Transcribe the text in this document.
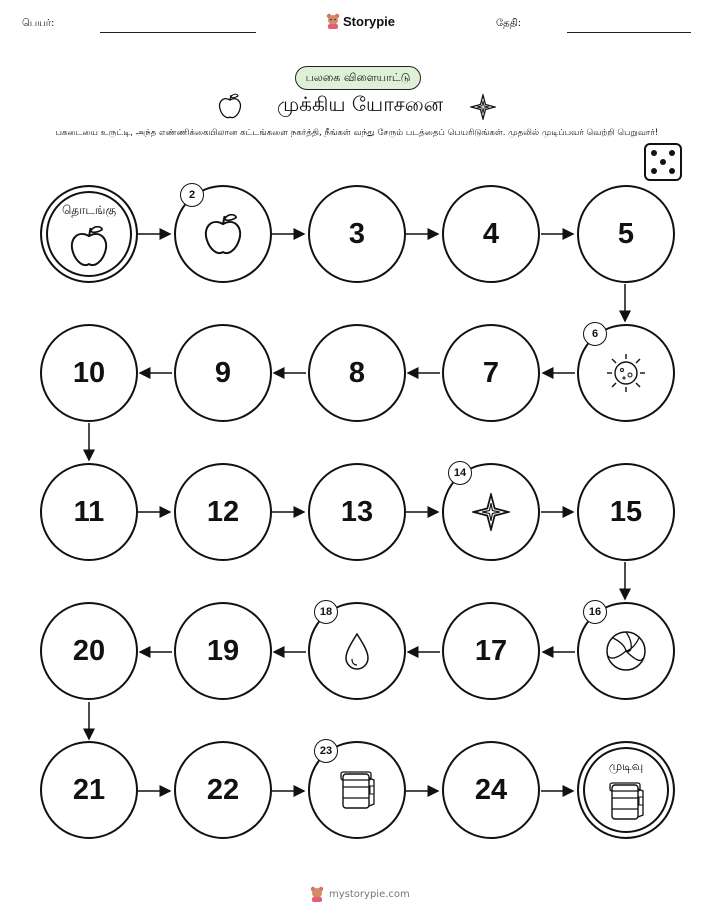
பெயர்:	Storypie	தேதி:
பலகை விளையாட்டு
முக்கிய யோசனை
பகடையை உருட்டி, அந்த எண்ணிக்கையிலான கட்டங்களை நகர்த்தி, நீங்கள் வந்து சேரும் படத்தைப் பெயரிடுங்கள். முதலில் முடிப்பவர் வெற்றி பெறுவார்!
தொடங்கு
2
3	4	5
6
7
8
9
10
11	12	13
14
15
16
17
18
19
20
21	22
23
24
முடிவு
mystorypie.com
